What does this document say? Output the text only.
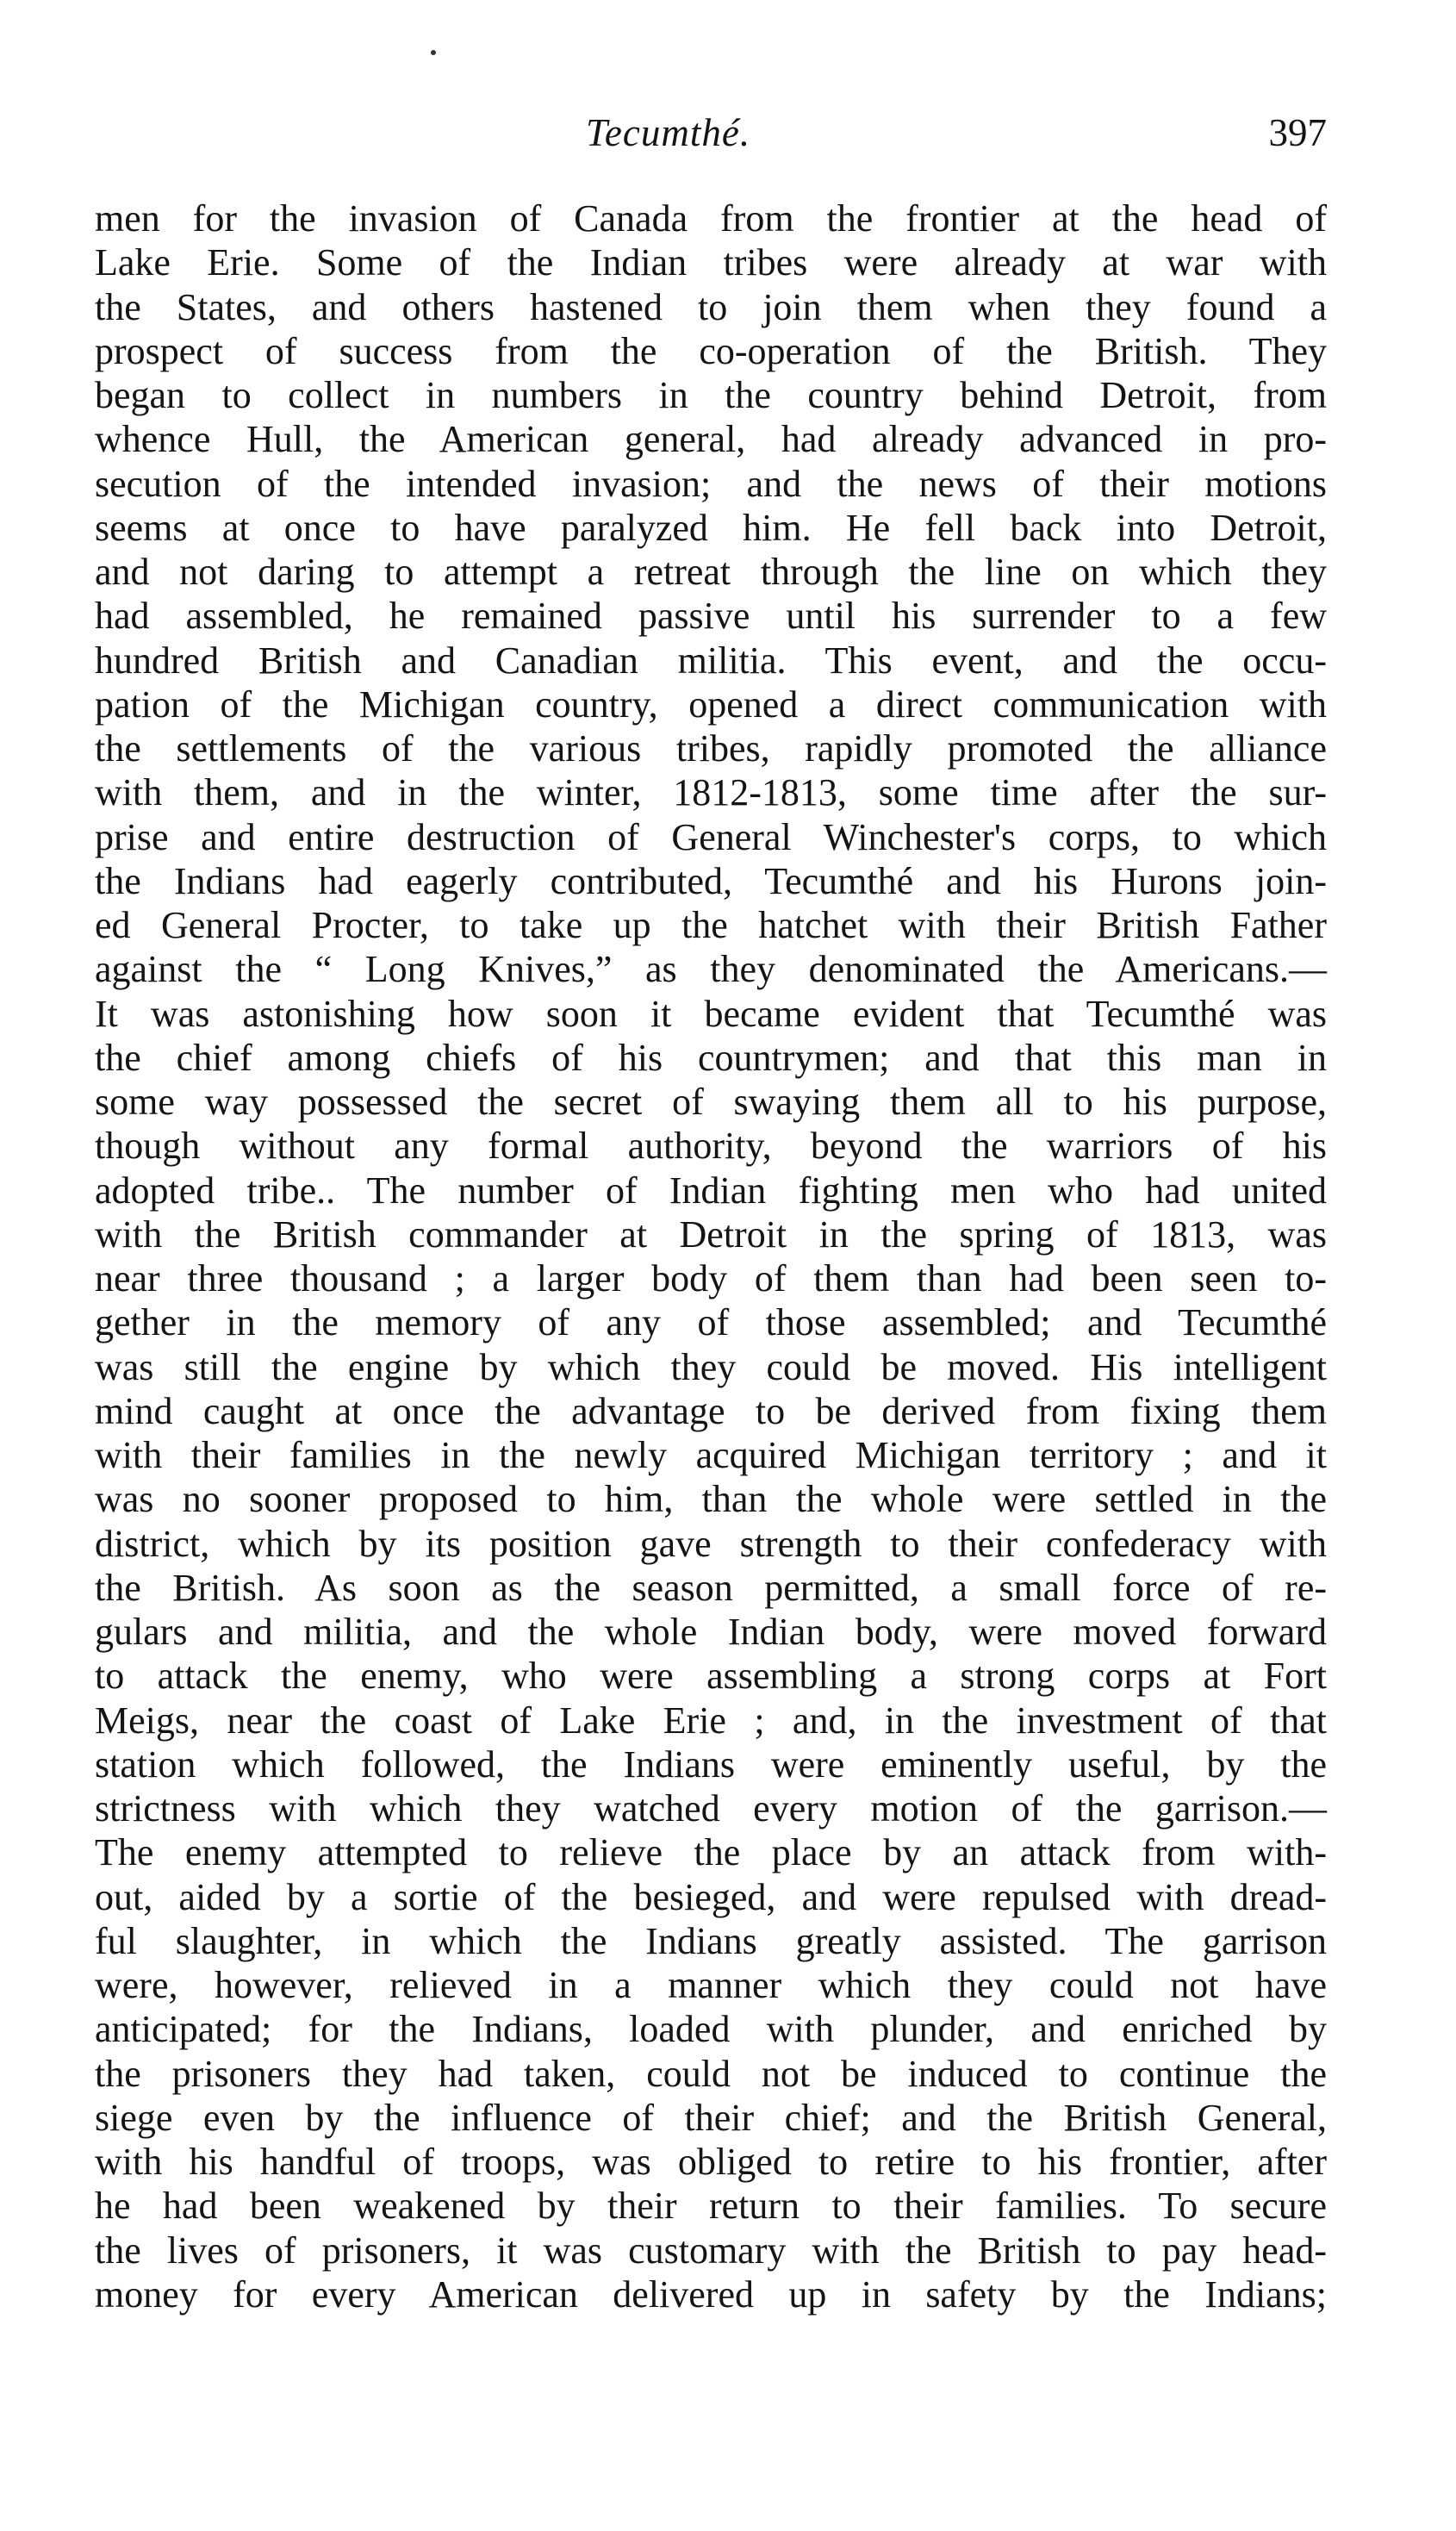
Tecumthé.	397
men for the invasion of Canada from the frontier at the head of
Lake Erie. Some of the Indian tribes were already at war with
the States, and others hastened to join them when they found a
prospect of success from the co-operation of the British. They
began to collect in numbers in the country behind Detroit, from
whence Hull, the American general, had already advanced in pro-
secution of the intended invasion; and the news of their motions
seems at once to have paralyzed him. He fell back into Detroit,
and not daring to attempt a retreat through the line on which they
had assembled, he remained passive until his surrender to a few
hundred British and Canadian militia. This event, and the occu-
pation of the Michigan country, opened a direct communication with
the settlements of the various tribes, rapidly promoted the alliance
with them, and in the winter, 1812-1813, some time after the sur-
prise and entire destruction of General Winchester's corps, to which
the Indians had eagerly contributed, Tecumthé and his Hurons join-
ed General Procter, to take up the hatchet with their British Father
against the “ Long Knives,” as they denominated the Americans.—
It was astonishing how soon it became evident that Tecumthé was
the chief among chiefs of his countrymen; and that this man in
some way possessed the secret of swaying them all to his purpose,
though without any formal authority, beyond the warriors of his
adopted tribe.. The number of Indian fighting men who had united
with the British commander at Detroit in the spring of 1813, was
near three thousand ; a larger body of them than had been seen to-
gether in the memory of any of those assembled; and Tecumthé
was still the engine by which they could be moved. His intelligent
mind caught at once the advantage to be derived from fixing them
with their families in the newly acquired Michigan territory ; and it
was no sooner proposed to him, than the whole were settled in the
district, which by its position gave strength to their confederacy with
the British. As soon as the season permitted, a small force of re-
gulars and militia, and the whole Indian body, were moved forward
to attack the enemy, who were assembling a strong corps at Fort
Meigs, near the coast of Lake Erie ; and, in the investment of that
station which followed, the Indians were eminently useful, by the
strictness with which they watched every motion of the garrison.—
The enemy attempted to relieve the place by an attack from with-
out, aided by a sortie of the besieged, and were repulsed with dread-
ful slaughter, in which the Indians greatly assisted. The garrison
were, however, relieved in a manner which they could not have
anticipated; for the Indians, loaded with plunder, and enriched by
the prisoners they had taken, could not be induced to continue the
siege even by the influence of their chief; and the British General,
with his handful of troops, was obliged to retire to his frontier, after
he had been weakened by their return to their families. To secure
the lives of prisoners, it was customary with the British to pay head-
money for every American delivered up in safety by the Indians;
